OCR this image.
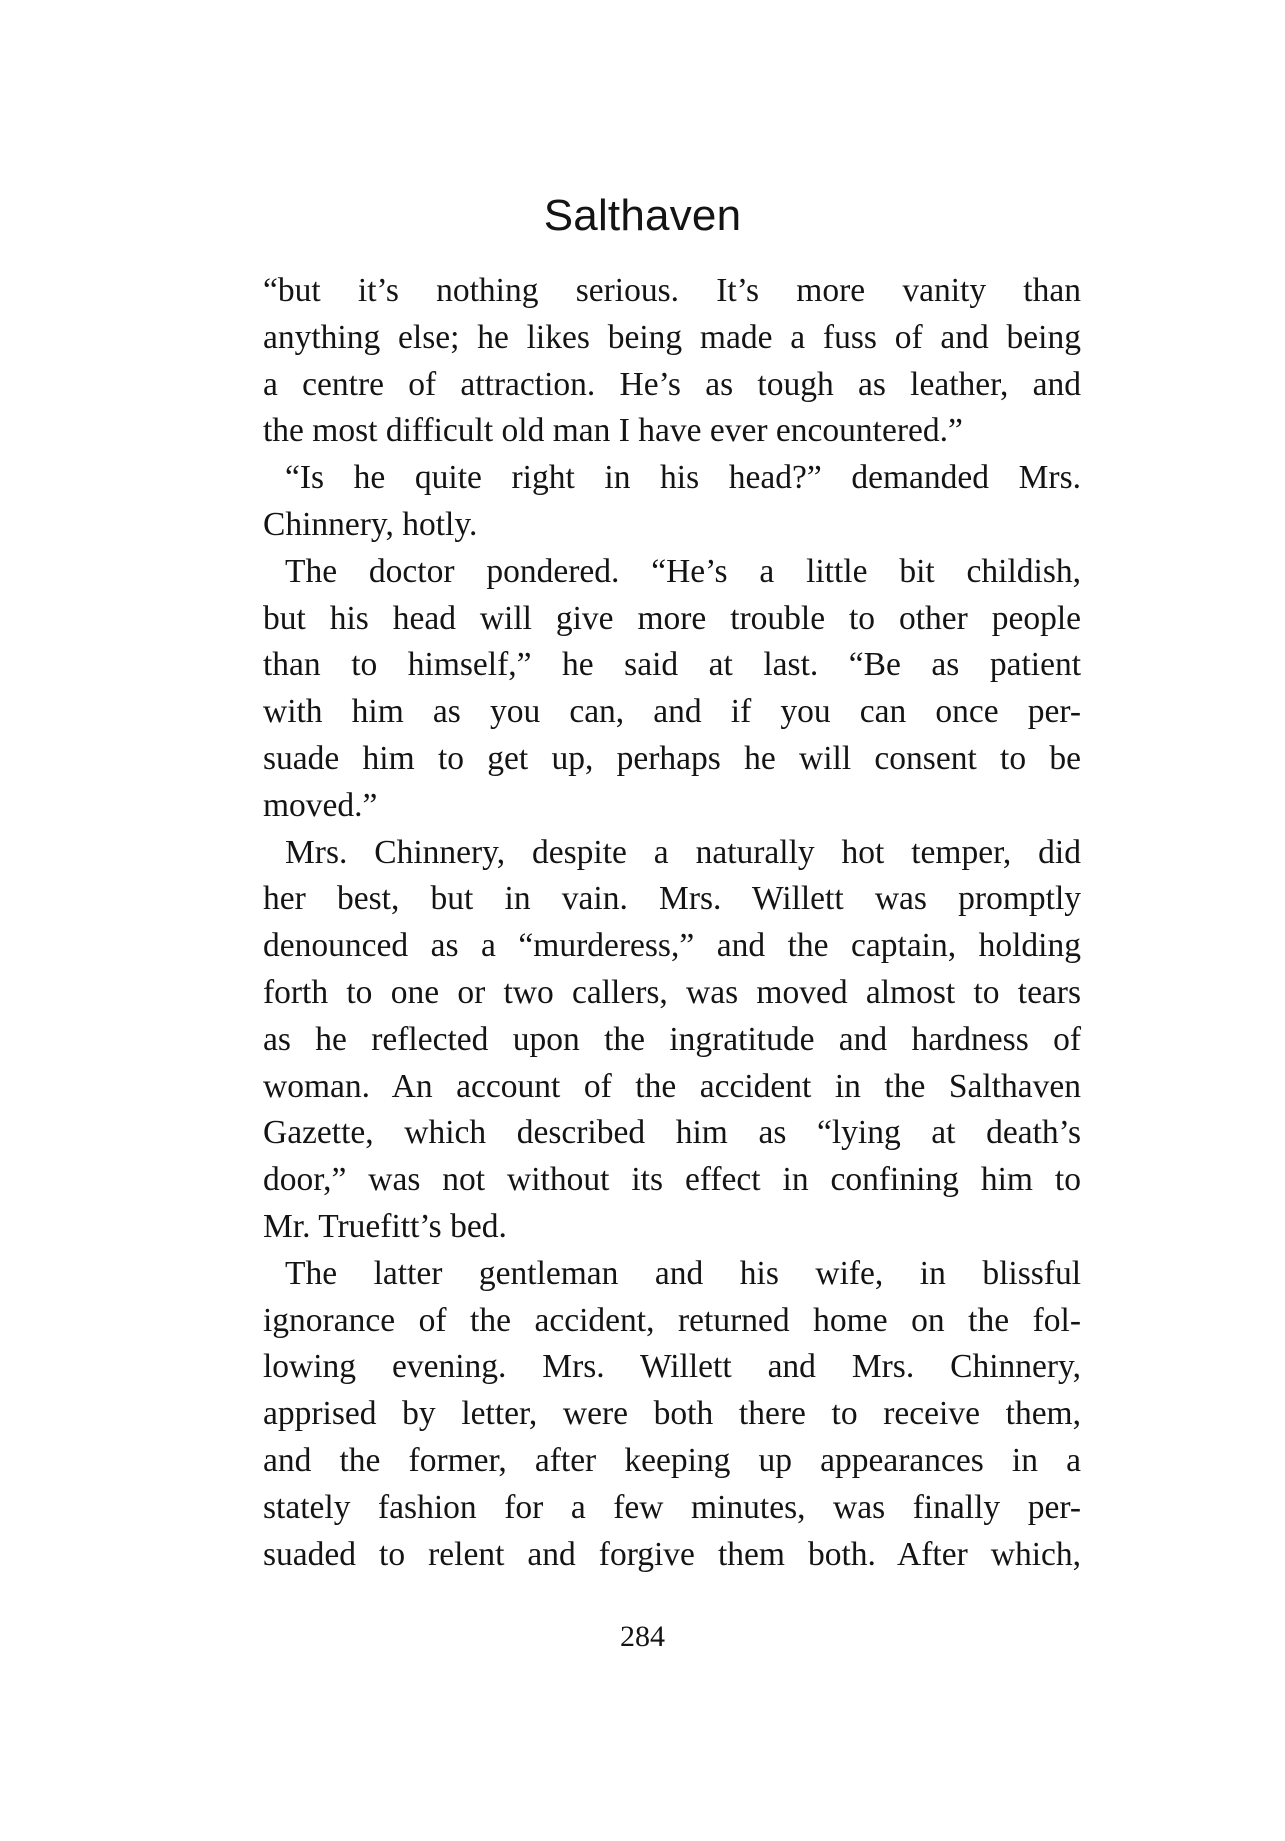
Salthaven

“but it’s nothing serious. It’s more vanity than
anything else; he likes being made a fuss of and being
a centre of attraction. He’s as tough as leather, and
the most difficult old man I have ever encountered.”

“Is he quite right in his head?” demanded Mrs.
Chinnery, hotly.

The doctor pondered. “He’s a little bit childish,
but his head will give more trouble to other people
than to himself,” he said at last. “Be as patient
with him as you can, and if you can once per-
suade him to get up, perhaps he will consent to be
moved.”

Mrs. Chinnery, despite a naturally hot temper, did
her best, but in vain. Mrs. Willett was promptly
denounced as a “murderess,” and the captain, holding
forth to one or two callers, was moved almost to tears
as he reflected upon the ingratitude and hardness of
woman. An account of the accident in the Salthaven
Gazette, which described him as “lying at death’s
door,” was not without its effect in confining him to
Mr. Truefitt’s bed.

The latter gentleman and his wife, in blissful
ignorance of the accident, returned home on the fol-
lowing evening. Mrs. Willett and Mrs. Chinnery,
apprised by letter, were both there to receive them,
and the former, after keeping up appearances in a
stately fashion for a few minutes, was finally per-
suaded to relent and forgive them both. After which,

284
